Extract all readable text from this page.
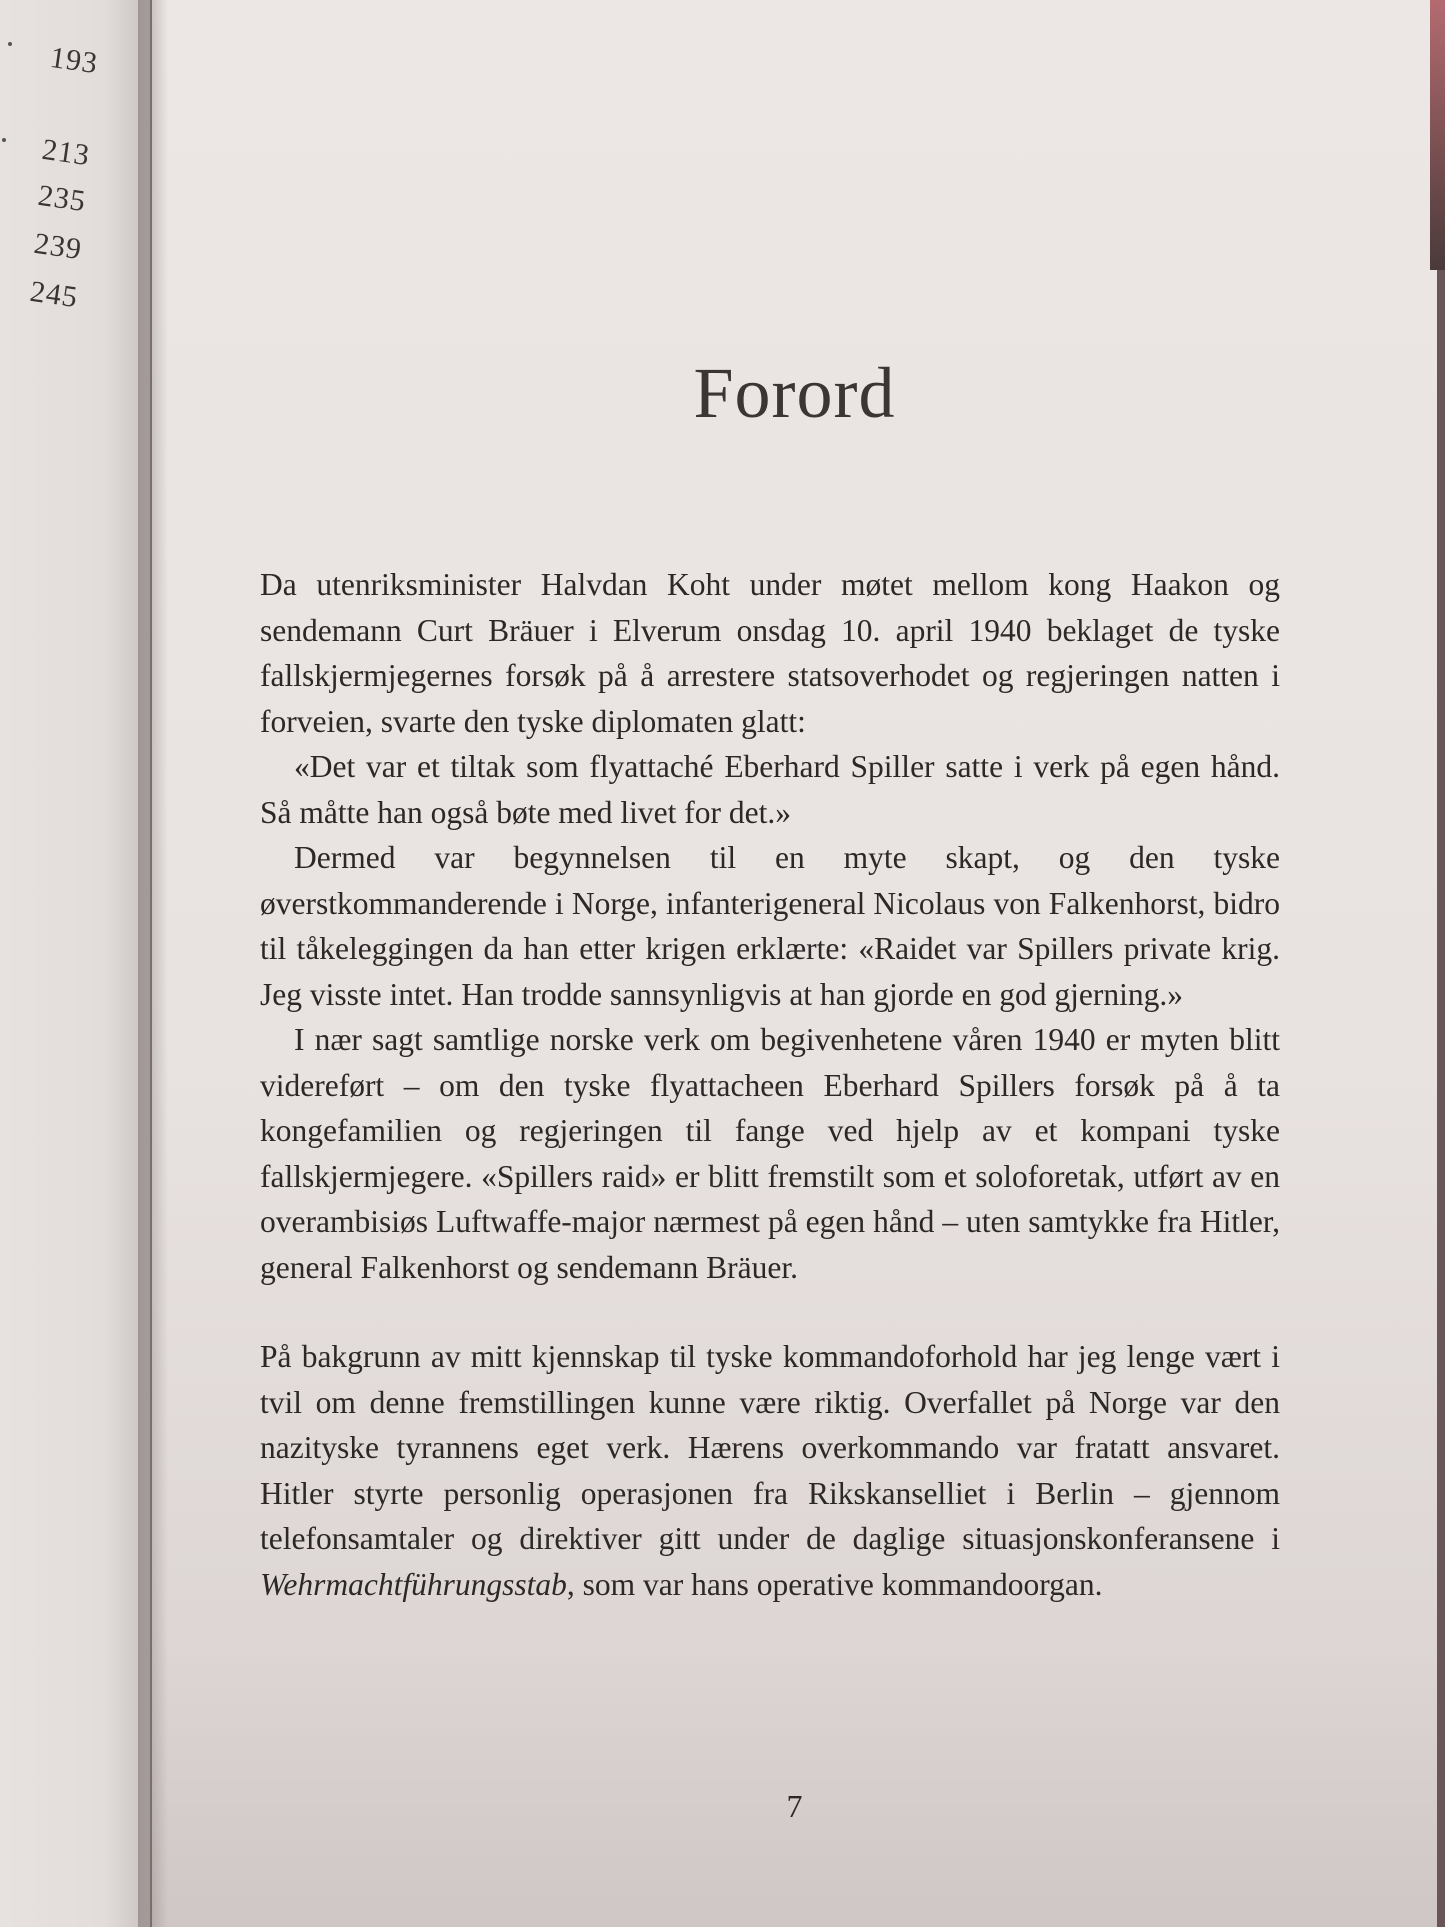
193
213
235
239
245
Forord

Da utenriksminister Halvdan Koht under møtet mellom kong Haakon og sendemann Curt Bräuer i Elverum onsdag 10. april 1940 beklaget de tyske fallskjermjegernes forsøk på å arrestere statsoverhodet og regjeringen natten i forveien, svarte den tyske diplomaten glatt:

«Det var et tiltak som flyattaché Eberhard Spiller satte i verk på egen hånd. Så måtte han også bøte med livet for det.»

Dermed var begynnelsen til en myte skapt, og den tyske øverstkommanderende i Norge, infanterigeneral Nicolaus von Falkenhorst, bidro til tåkeleggingen da han etter krigen erklærte: «Raidet var Spillers private krig. Jeg visste intet. Han trodde sannsynligvis at han gjorde en god gjerning.»

I nær sagt samtlige norske verk om begivenhetene våren 1940 er myten blitt videreført – om den tyske flyattacheen Eberhard Spillers forsøk på å ta kongefamilien og regjeringen til fange ved hjelp av et kompani tyske fallskjermjegere. «Spillers raid» er blitt fremstilt som et soloforetak, utført av en overambisiøs Luftwaffe-major nærmest på egen hånd – uten samtykke fra Hitler, general Falkenhorst og sendemann Bräuer.

På bakgrunn av mitt kjennskap til tyske kommandoforhold har jeg lenge vært i tvil om denne fremstillingen kunne være riktig. Overfallet på Norge var den nazityske tyrannens eget verk. Hærens overkommando var fratatt ansvaret. Hitler styrte personlig operasjonen fra Rikskanselliet i Berlin – gjennom telefonsamtaler og direktiver gitt under de daglige situasjonskonferansene i Wehrmachtführungsstab, som var hans operative kommandoorgan.

7
